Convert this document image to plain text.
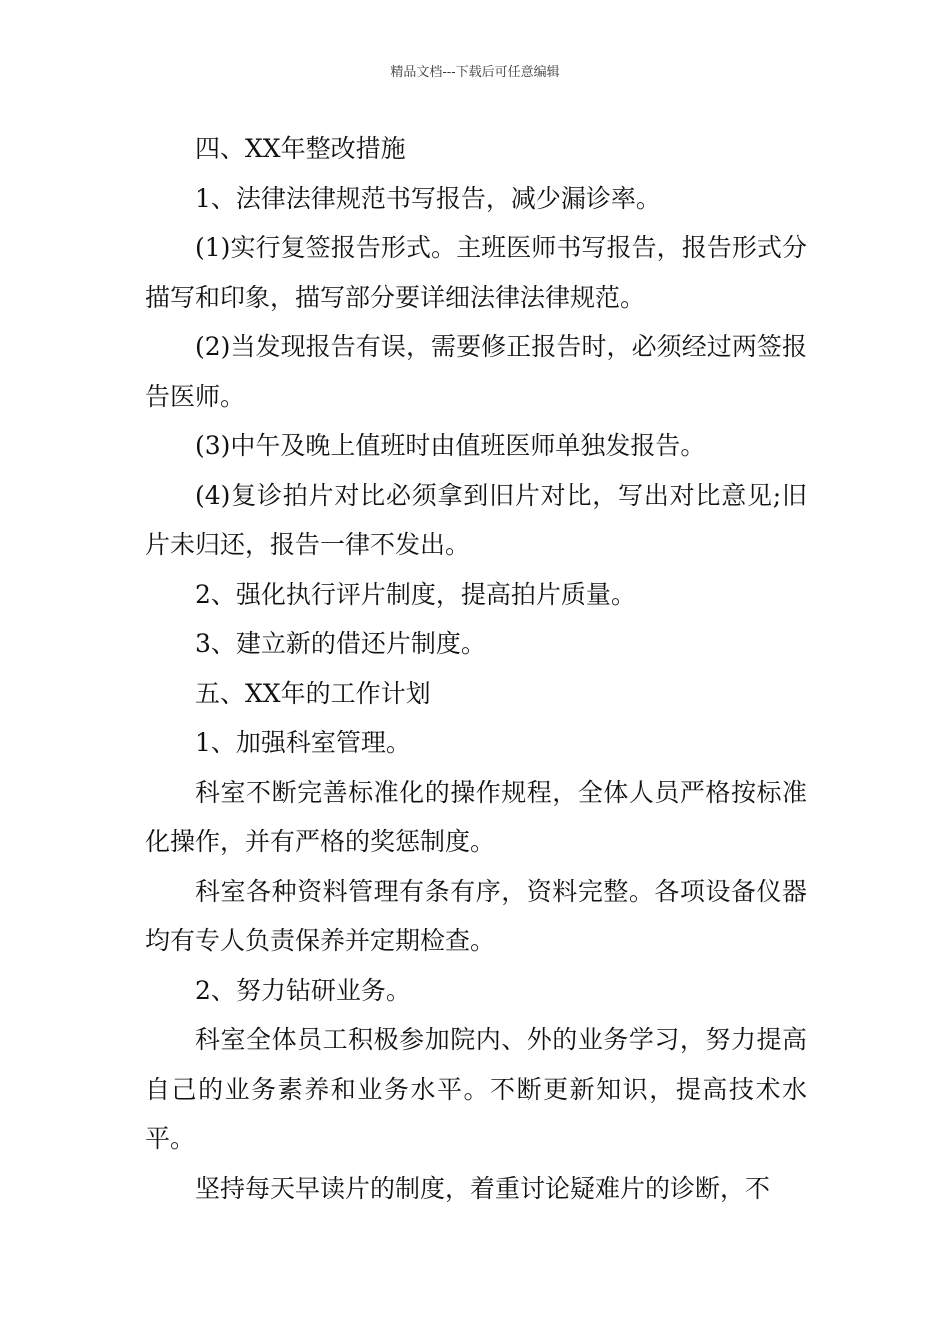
精品文档---下载后可任意编辑

四、XX年整改措施

1、法律法律规范书写报告，减少漏诊率。

(1)实行复签报告形式。主班医师书写报告，报告形式分描写和印象，描写部分要详细法律法律规范。

(2)当发现报告有误，需要修正报告时，必须经过两签报告医师。

(3)中午及晚上值班时由值班医师单独发报告。

(4)复诊拍片对比必须拿到旧片对比，写出对比意见;旧片未归还，报告一律不发出。

2、强化执行评片制度，提高拍片质量。

3、建立新的借还片制度。

五、XX年的工作计划

1、加强科室管理。

科室不断完善标准化的操作规程，全体人员严格按标准化操作，并有严格的奖惩制度。

科室各种资料管理有条有序，资料完整。各项设备仪器均有专人负责保养并定期检查。

2、努力钻研业务。

科室全体员工积极参加院内、外的业务学习，努力提高自己的业务素养和业务水平。不断更新知识，提高技术水平。

坚持每天早读片的制度，着重讨论疑难片的诊断，不
